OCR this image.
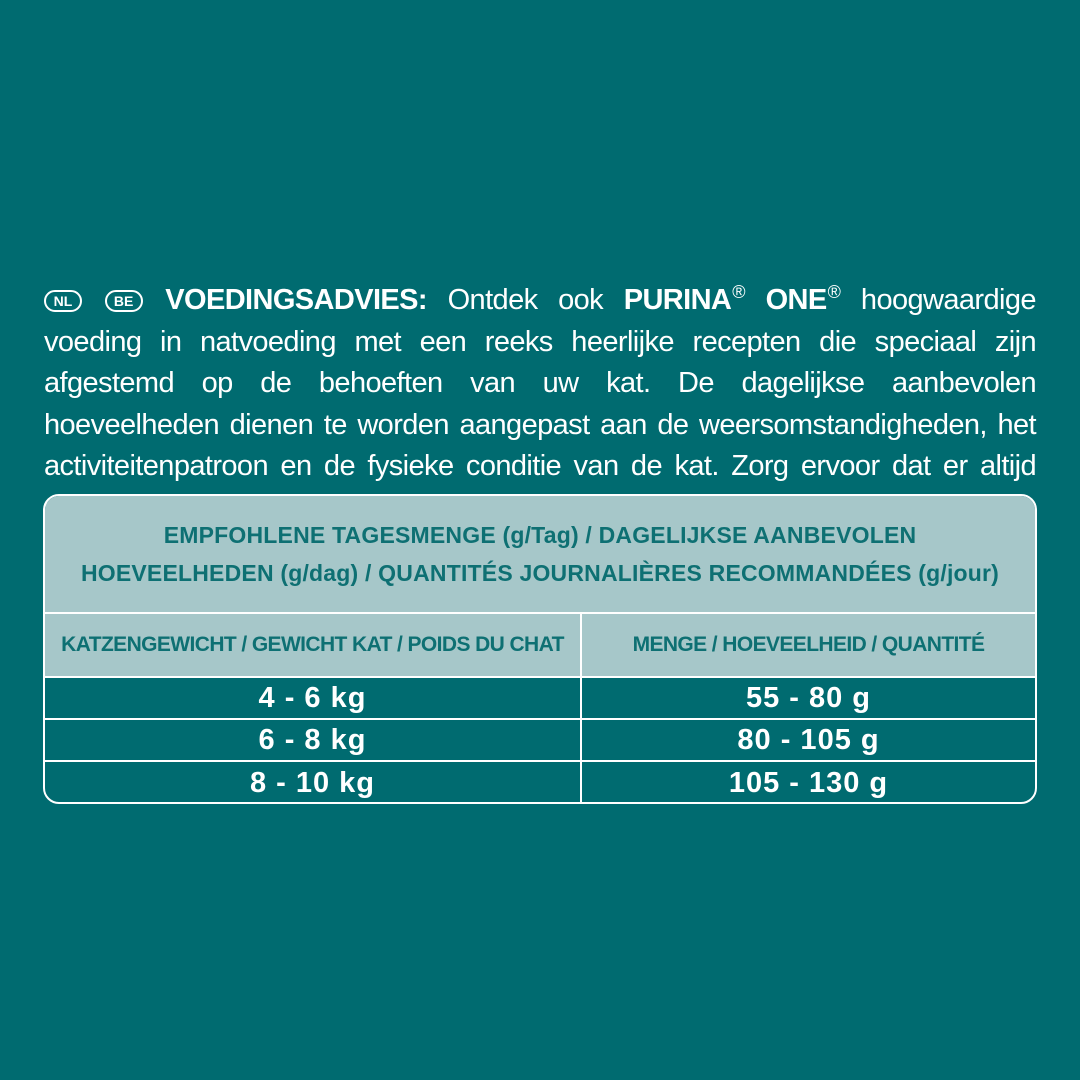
NL	BE VOEDINGSADVIES: Ontdek ook PURINA® ONE® hoogwaardige voeding in natvoeding met een reeks heerlijke recepten die speciaal zijn afgestemd op de behoeften van uw kat. De dagelijkse aanbevolen hoeveelheden dienen te worden aangepast aan de weersomstandigheden, het activiteitenpatroon en de fysieke conditie van de kat. Zorg ervoor dat er altijd
EMPFOHLENE TAGESMENGE (g/Tag) / DAGELIJKSE AANBEVOLEN
HOEVEELHEDEN (g/dag) / QUANTITÉS JOURNALIÈRES RECOMMANDÉES (g/jour)
KATZENGEWICHT / GEWICHT KAT / POIDS DU CHAT	MENGE / HOEVEELHEID / QUANTITÉ
4 - 6 kg	55 - 80 g
6 - 8 kg	80 - 105 g
8 - 10 kg	105 - 130 g
